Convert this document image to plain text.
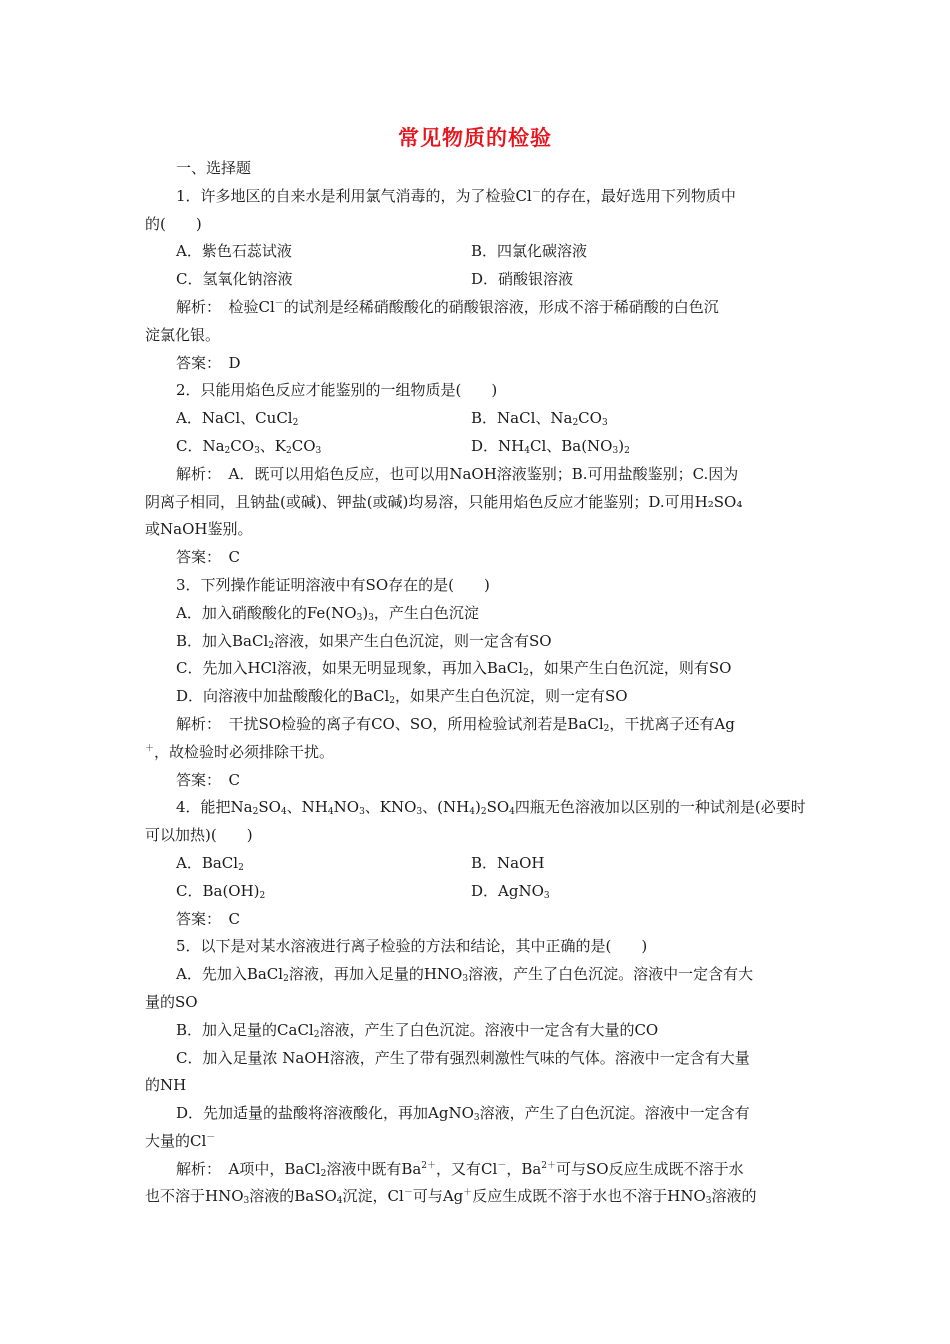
常见物质的检验
一、选择题
1．许多地区的自来水是利用氯气消毒的，为了检验Cl－的存在，最好选用下列物质中
的(　　)
A．紫色石蕊试液	B．四氯化碳溶液
C．氢氧化钠溶液	D．硝酸银溶液
解析：　检验Cl－的试剂是经稀硝酸酸化的硝酸银溶液，形成不溶于稀硝酸的白色沉
淀氯化银。
答案：　D
2．只能用焰色反应才能鉴别的一组物质是(　　)
A．NaCl、CuCl$_2$	B．NaCl、$Na_2CO_3$
C．$Na_2CO_3$、$K_2CO_3$	D．$NH_4Cl$、$Ba(NO_3)_2$
解析：　A．既可以用焰色反应，也可以用NaOH溶液鉴别；B.可用盐酸鉴别；C.因为
阴离子相同，且钠盐(或碱)、钾盐(或碱)均易溶，只能用焰色反应才能鉴别；D.可用H₂SO₄
或NaOH鉴别。
答案：　C
3．下列操作能证明溶液中有SO存在的是(　　)
A．加入硝酸酸化的$Fe(NO_3)_3$，产生白色沉淀
B．加入BaCl$_2$溶液，如果产生白色沉淀，则一定含有SO
C．先加入HCl溶液，如果无明显现象，再加入BaCl$_2$，如果产生白色沉淀，则有SO
D．向溶液中加盐酸酸化的BaCl$_2$，如果产生白色沉淀，则一定有SO
解析：　干扰SO检验的离子有CO、SO，所用检验试剂若是BaCl$_2$，干扰离子还有Ag
＋，故检验时必须排除干扰。
答案：　C
4．能把$Na_2SO_4$、$NH_4NO_3$、$KNO_3$、$(NH_4)_2SO_4$四瓶无色溶液加以区别的一种试剂是(必要时
可以加热)(　　)
A．BaCl$_2$	B．NaOH
C．$Ba(OH)_2$	D．AgNO$_3$
答案：　C
5．以下是对某水溶液进行离子检验的方法和结论，其中正确的是(　　)
A．先加入BaCl$_2$溶液，再加入足量的$HNO_3$溶液，产生了白色沉淀。溶液中一定含有大
量的SO
B．加入足量的CaCl$_2$溶液，产生了白色沉淀。溶液中一定含有大量的CO
C．加入足量浓 NaOH溶液，产生了带有强烈刺激性气味的气体。溶液中一定含有大量
的NH
D．先加适量的盐酸将溶液酸化，再加AgNO$_3$溶液，产生了白色沉淀。溶液中一定含有
大量的Cl－
解析：　A项中，BaCl$_2$溶液中既有$Ba^{2+}$，又有Cl－，$Ba^{2+}$可与SO反应生成既不溶于水
也不溶于$HNO_3$溶液的BaSO$_4$沉淀，Cl－可与Ag＋反应生成既不溶于水也不溶于$HNO_3$溶液的
